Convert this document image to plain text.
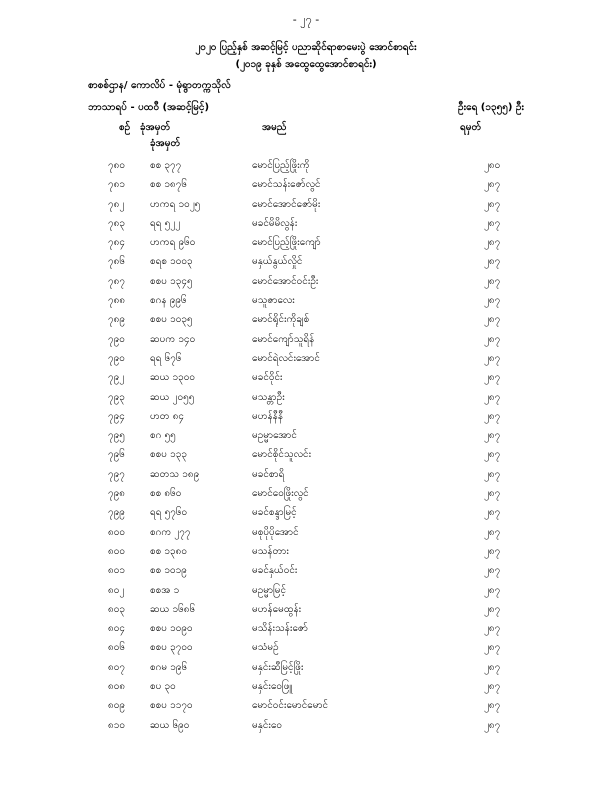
- ၂၇ -
၂၀၂၀ ပြည့်နှစ် အဆင့်မြင့် ပညာဆိုင်ရာစာမေးပွဲ အောင်စာရင်း
(၂၀၁၉ ခုနှစ် အထွေထွေအောင်စာရင်း)
စာစစ်ဌာန/ ကောလိပ် - မုံရွာတက္ကသိုလ်
ဘာသာရပ် - ပထဝီ (အဆင့်မြင့်)	ဦးရေ (၁၃၅၅) ဦး
စဉ် ခုံအမှတ်
ခုံအမှတ်
အမည်	ရမှတ်
၇၈၀	စစ ၃၇၇	မောင်ပြည့်ဖြိုးကို	၂၈၀
၇၈၁	စစ ၁၈၇၆	မောင်သန်းဇော်လွင်	၂၈၇
၇၈၂	ဟကရ ၁၀၂၅	မောင်အောင်ဇော်မိုး	၂၈၇
၇၈၃	ရရ ၅၂၂	မခင်မိမိလွန်း	၂၈၇
၇၈၄	ဟကရ ၉၆၀	မောင်ပြည့်ဖြိုးကျော်	၂၈၇
၇၈၆	စရစ ၁၀၀၃	မနှယ်နွယ်လှိုင်	၂၈၇
၇၈၇	စစပ ၁၃၄၅	မောင်အောင်ဝင်းဦး	၂၈၇
၇၈၈ စဂန ၉၉၆	မသူဇာလေး	၂၈၇
၇၈၉	စစပ ၁၀၃၅	မောင်ရိုင်းကိုချစ်	၂၈၇
၇၉၀	ဆပက ၁၄၀	မောင်ကျော်သူရိန်	၂၈၇
၇၉၀	ရရ ၆၇၆	မောင်ရဲလင်းအောင်	၂၈၇
၇၉၂	ဆယ ၁၃၀၀	မခင်ဝိုင်း	၂၈၇
၇၉၃	ဆယ ၂၀၅၅	မသန္တာဦး	၂၈၇
၇၉၄	ဟတ ၈၄	မဟန်နီနီ	၂၈၇
၇၉၅	စဂ ၅၅	မဥမ္မာအောင်	၂၈၇
၇၉၆	စစပ ၁၃၃	မောင်စိုင်သူလင်း	၂၈၇
၇၉၇	ဆတသ ၁၈၉	မခင်စာရိ	၂၈၇
၇၉၈	စစ ၈၆၀	မောင်ဝေဖြိုးလွင်	၂၈၇
၇၉၉	ရရ ၅၇၆၀	မခင်စန္ဒာမြင့်	၂၈၇
၈၀၀	စဂက ၂၇၇	မစုပိုပိုအောင်	၂၈၇
၈၀၀	စစ ၁၃၈၀	မသန်တား	၂၈၇
၈၀၁	စစ ၁၀၁၉	မခင်နှယ်ဝင်း	၂၈၇
၈၀၂	စစအ ၁	မဥမ္မာမြင့်	၂၈၇
၈၀၃	ဆယ ၁၆၈၆	မဟန်မေထွန်း	၂၈၇
၈၀၄	စစပ ၁၀၉၀	မသိန်းသန်းဇော်	၂၈၇
၈၀၆	စစပ ၃၇၀၀	မသံမဉ်	၂၈၇
၈၀၇	စဂမ ၁၉၆	မနှင်းဆီမြင့်ဖြိုး	၂၈၇
၈၀၈ စပ ၃၀	မနှင်းဝေဖြူ	၂၈၇
၈၀၉	စစပ ၁၁၇၀	မောင်ဝင်းမောင်မောင်	၂၈၇
၈၁၀	ဆယ ၆၉၀	မနှင်းဝေ	၂၈၇
